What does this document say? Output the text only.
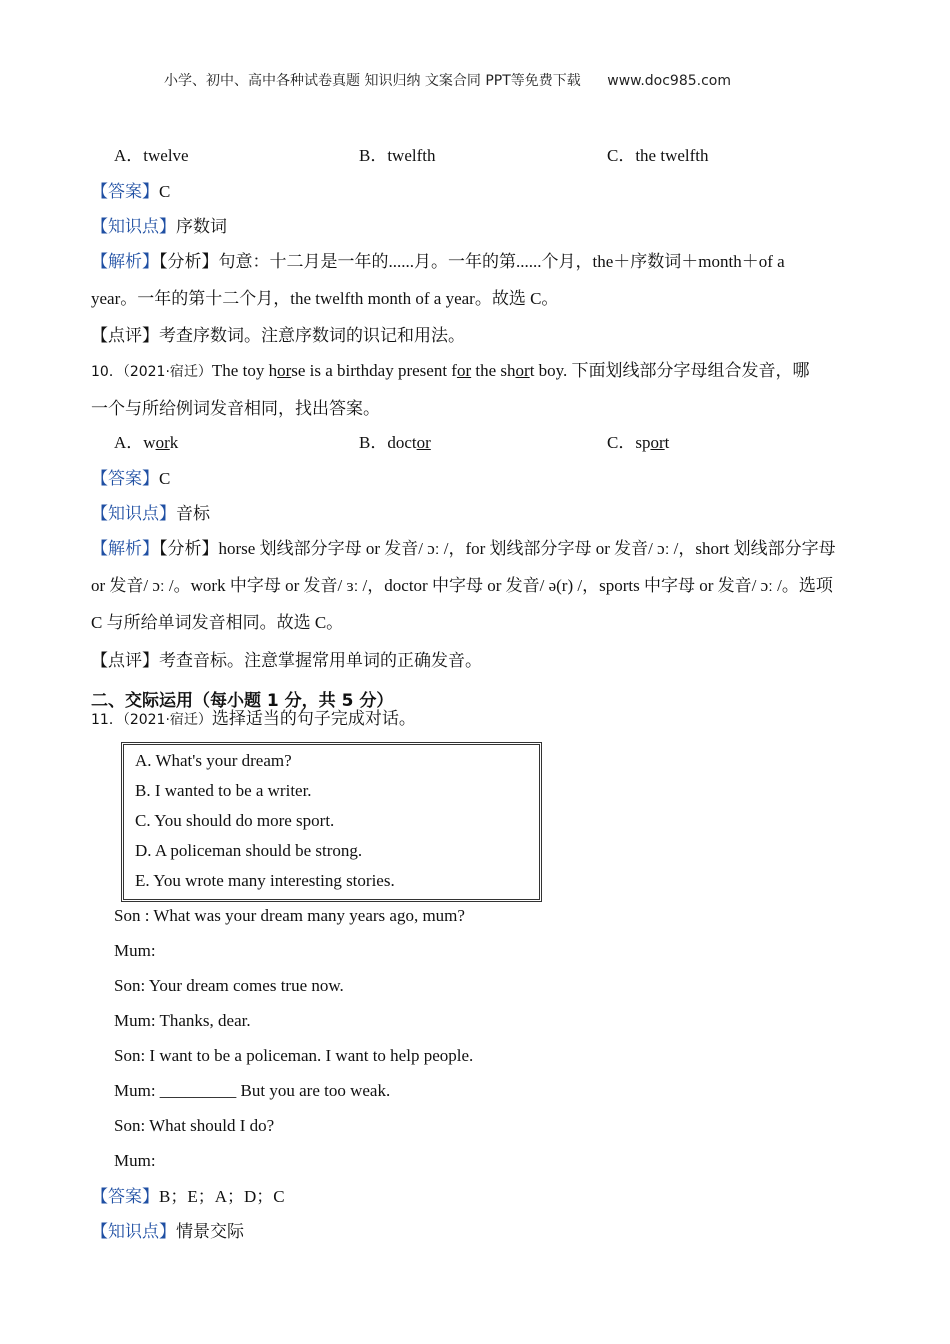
小学、初中、高中各种试卷真题 知识归纳 文案合同 PPT等免费下载 www.doc985.com
A．twelve	B．twelfth	C．the twelfth
【答案】C
【知识点】序数词
【解析】【分析】句意：十二月是一年的......月。一年的第......个月，the＋序数词＋month＋of a
year。一年的第十二个月，the twelfth month of a year。故选 C。
【点评】考查序数词。注意序数词的识记和用法。
10．（2021·宿迁）The toy horse is a birthday present for the short boy. 下面划线部分字母组合发音，哪
一个与所给例词发音相同，找出答案。
A．work	B．doctor	C．sport
【答案】C
【知识点】音标
【解析】【分析】horse 划线部分字母 or 发音/ ɔː /，for 划线部分字母 or 发音/ ɔː /，short 划线部分字母
or 发音/ ɔː /。work 中字母 or 发音/ ɜː /，doctor 中字母 or 发音/ ə(r) /，sports 中字母 or 发音/ ɔː /。选项
C 与所给单词发音相同。故选 C。
【点评】考查音标。注意掌握常用单词的正确发音。
二、交际运用（每小题 1 分，共 5 分）
11．（2021·宿迁）选择适当的句子完成对话。
A. What's your dream?
B. I wanted to be a writer.
C. You should do more sport.
D. A policeman should be strong.
E. You wrote many interesting stories.
Son : What was your dream many years ago, mum?
Mum:
Son: Your dream comes true now.
Mum: Thanks, dear.
Son: I want to be a policeman. I want to help people.
Mum: _________ But you are too weak.
Son: What should I do?
Mum:
【答案】B；E；A；D；C
【知识点】情景交际
